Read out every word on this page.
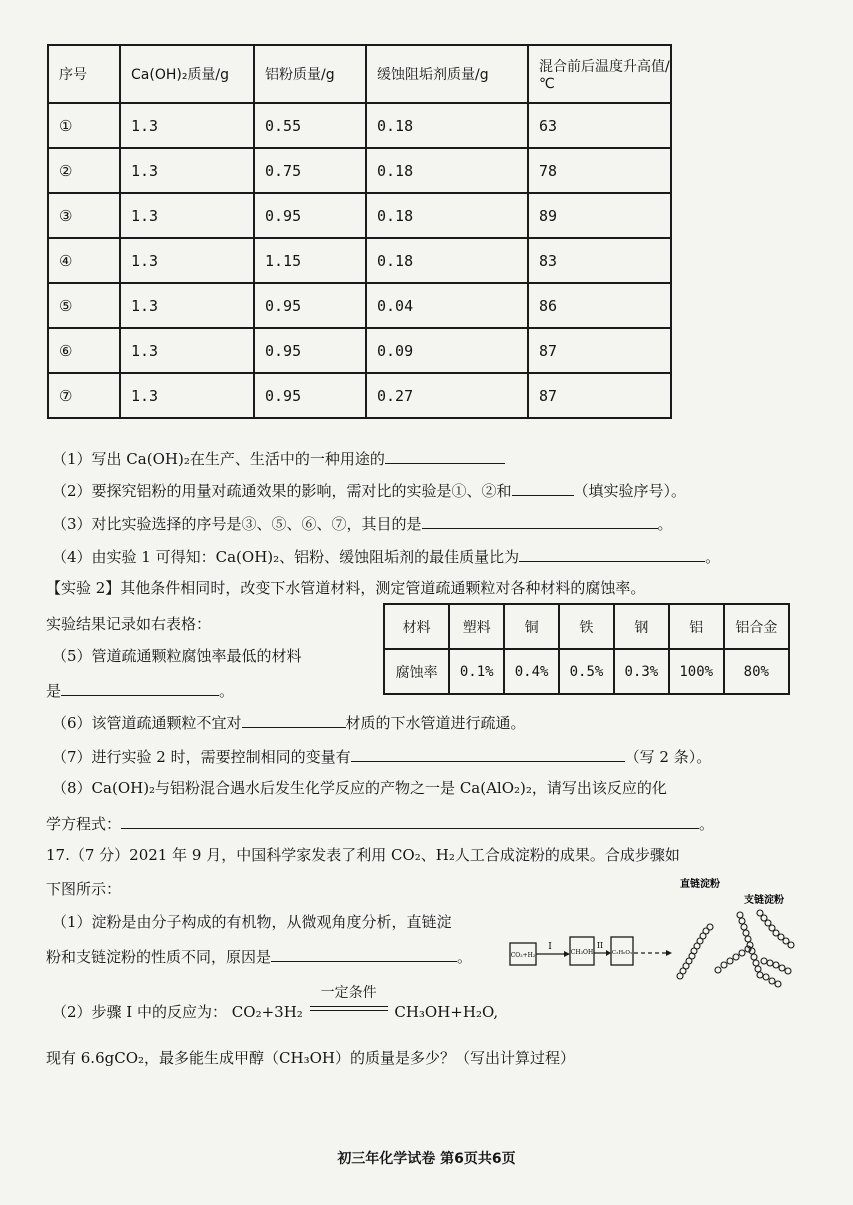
序号	Ca(OH)₂质量/g	铝粉质量/g	缓蚀阻垢剂质量/g	混合前后温度升高值/℃
①	1.3	0.55	0.18	63
②	1.3	0.75	0.18	78
③	1.3	0.95	0.18	89
④	1.3	1.15	0.18	83
⑤	1.3	0.95	0.04	86
⑥	1.3	0.95	0.09	87
⑦	1.3	0.95	0.27	87
（1）写出 Ca(OH)₂在生产、生活中的一种用途的
（2）要探究铝粉的用量对疏通效果的影响，需对比的实验是①、②和	（填实验序号）。
（3）对比实验选择的序号是③、⑤、⑥、⑦，其目的是	。
（4）由实验 1 可得知：Ca(OH)₂、铝粉、缓蚀阻垢剂的最佳质量比为	。
【实验 2】其他条件相同时，改变下水管道材料，测定管道疏通颗粒对各种材料的腐蚀率。
实验结果记录如右表格：
（5）管道疏通颗粒腐蚀率最低的材料
是	。
材料	塑料	铜	铁	钢	铝	铝合金
腐蚀率	0.1%	0.4%	0.5%	0.3%	100%	80%
（6）该管道疏通颗粒不宜对	材质的下水管道进行疏通。
（7）进行实验 2 时，需要控制相同的变量有	（写 2 条）。
（8）Ca(OH)₂与铝粉混合遇水后发生化学反应的产物之一是 Ca(AlO₂)₂，请写出该反应的化
学方程式：	。
17.（7 分）2021 年 9 月，中国科学家发表了利用 CO₂、H₂人工合成淀粉的成果。合成步骤如
下图所示：
（1）淀粉是由分子构成的有机物，从微观角度分析，直链淀
粉和支链淀粉的性质不同，原因是	。
（2）步骤 I 中的反应为： CO₂+3H₂
一定条件
CH₃OH+H₂O,
现有 6.6gCO₂，最多能生成甲醇（CH₃OH）的质量是多少？（写出计算过程）
直链淀粉
支链淀粉
CO₂+H₂
I
CH₃OH
II
C₃H₆O₃
初三年化学试卷 第6页共6页
